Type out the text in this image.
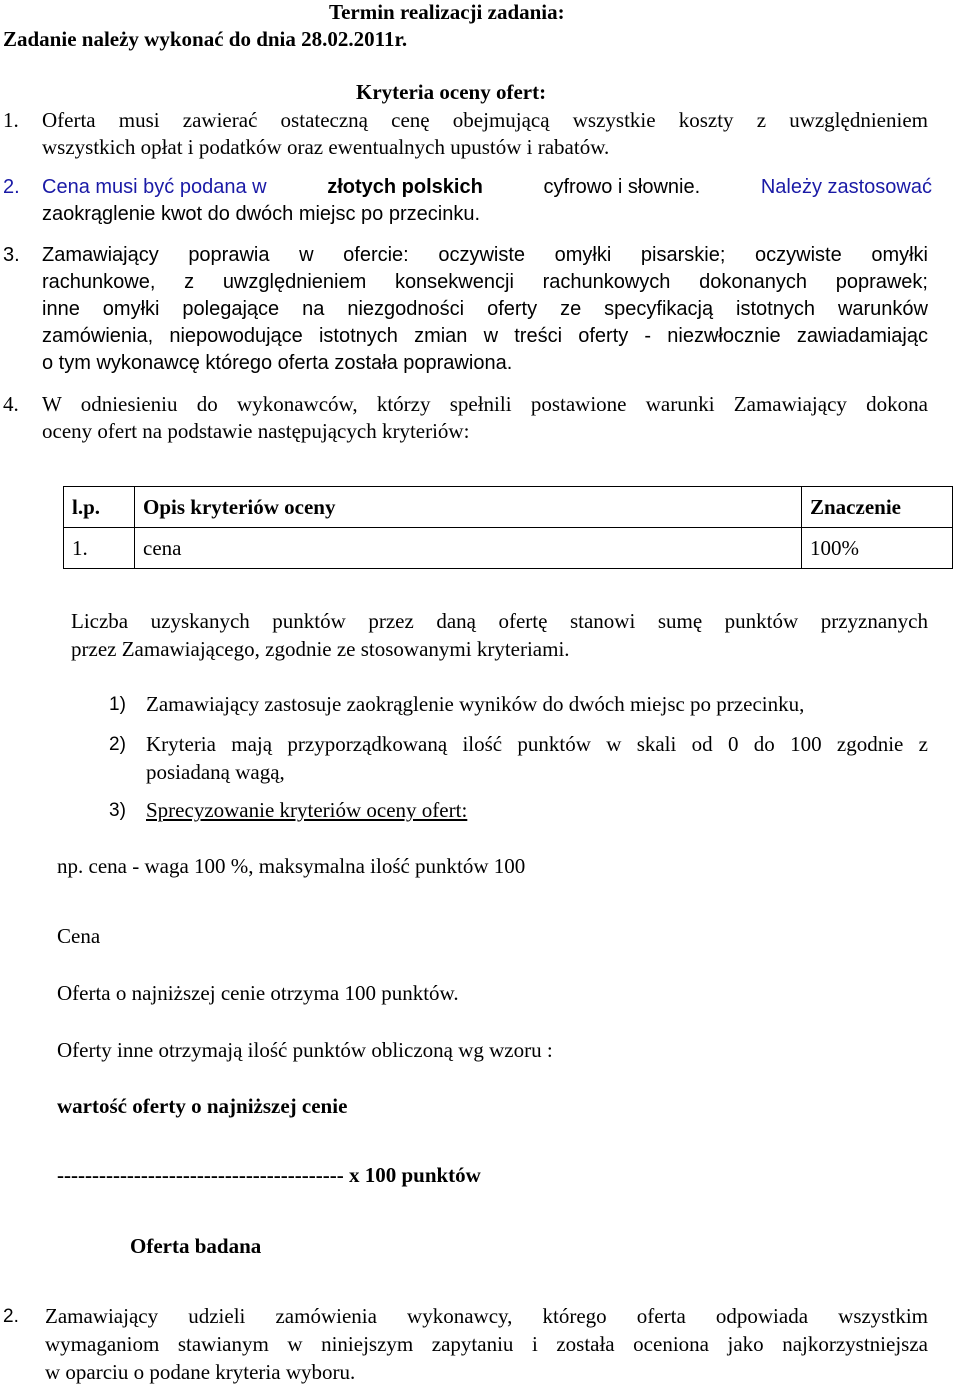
Termin realizacji zadania:
Zadanie należy wykonać do dnia 28.02.2011r.
Kryteria oceny ofert:
1. Oferta musi zawierać ostateczną cenę obejmującą wszystkie koszty z uwzględnieniem
wszystkich opłat i podatków oraz ewentualnych upustów i rabatów.
2. Cena musi być podana w	złotych polskich	cyfrowo i słownie.	Należy zastosować
zaokrąglenie kwot do dwóch miejsc po przecinku.
3. Zamawiający poprawia w ofercie: oczywiste omyłki pisarskie; oczywiste omyłki
rachunkowe, z uwzględnieniem konsekwencji rachunkowych dokonanych poprawek;
inne omyłki polegające na niezgodności oferty ze specyfikacją istotnych warunków
zamówienia, niepowodujące istotnych zmian w treści oferty - niezwłocznie zawiadamiając
o tym wykonawcę którego oferta została poprawiona.
4. W odniesieniu do wykonawców, którzy spełnili postawione warunki Zamawiający dokona
oceny ofert na podstawie następujących kryteriów:
l.p.	Opis kryteriów oceny	Znaczenie
1.	cena	100%
Liczba uzyskanych punktów przez daną ofertę stanowi sumę punktów przyznanych
przez Zamawiającego, zgodnie ze stosowanymi kryteriami.
1) Zamawiający zastosuje zaokrąglenie wyników do dwóch miejsc po przecinku,
2) Kryteria mają przyporządkowaną ilość punktów w skali od 0 do 100 zgodnie z
posiadaną wagą,
3) Sprecyzowanie kryteriów oceny ofert:
np. cena - waga 100 %, maksymalna ilość punktów 100
Cena
Oferta o najniższej cenie otrzyma 100 punktów.
Oferty inne otrzymają ilość punktów obliczoną wg wzoru :
wartość oferty o najniższej cenie
----------------------------------------- x 100 punktów
Oferta badana
2. Zamawiający udzieli zamówienia wykonawcy, którego oferta odpowiada wszystkim
wymaganiom stawianym w niniejszym zapytaniu i została oceniona jako najkorzystniejsza
w oparciu o podane kryteria wyboru.
